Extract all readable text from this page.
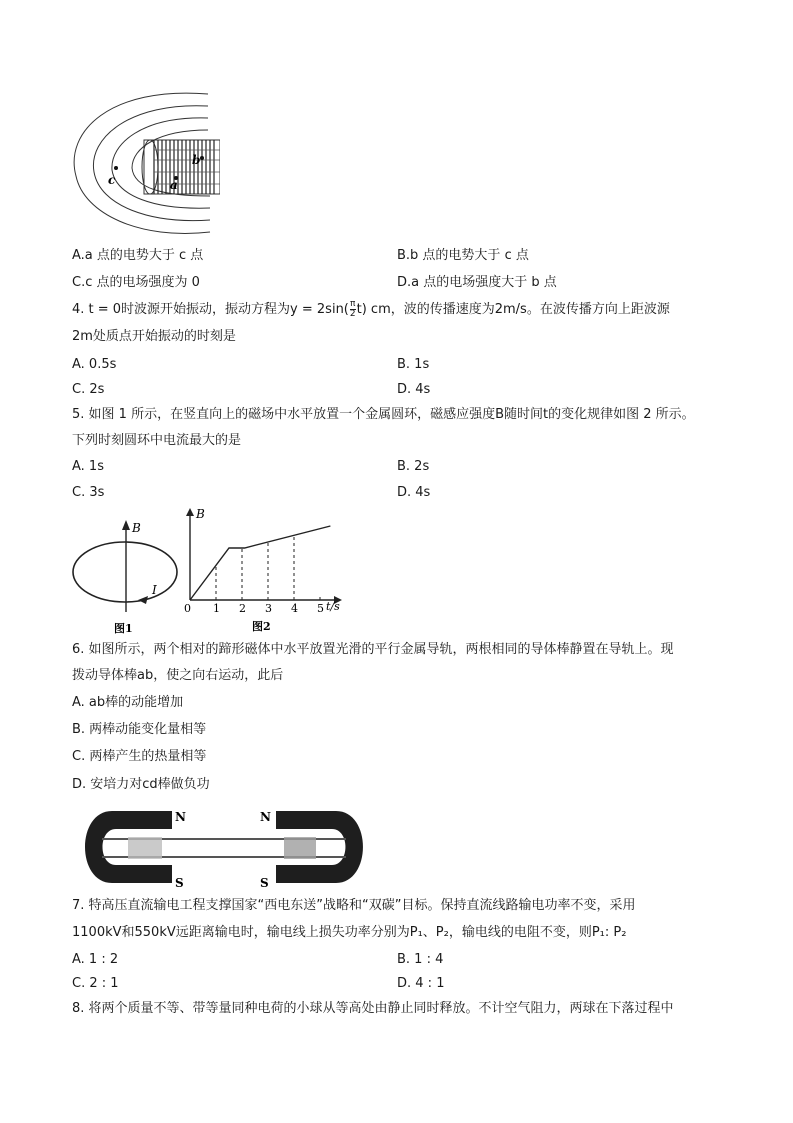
c	a
b
A.a 点的电势大于 c 点	B.b 点的电势大于 c 点
C.c 点的电场强度为 0	D.a 点的电场强度大于 b 点
4. t = 0时波源开始振动，振动方程为$y = 2\sin( \frac{\pi}{2} t)$ cm，波的传播速度为2m/s。在波传播方向上距波源
2m处质点开始振动的时刻是
A. 0.5s	B. 1s
C. 2s	D. 4s
5. 如图 1 所示，在竖直向上的磁场中水平放置一个金属圆环，磁感应强度B随时间t的变化规律如图 2 所示。
下列时刻圆环中电流最大的是
A. 1s	B. 2s
C. 3s	D. 4s
B
I
图1
1 2 3 4 5
B
t/s
0
图2
6. 如图所示，两个相对的蹄形磁体中水平放置光滑的平行金属导轨，两根相同的导体棒静置在导轨上。现
拨动导体棒ab，使之向右运动，此后
A. ab棒的动能增加
B. 两棒动能变化量相等
C. 两棒产生的热量相等
D. 安培力对cd棒做负功
N	N
S	S
7. 特高压直流输电工程支撑国家“西电东送”战略和“双碳”目标。保持直流线路输电功率不变，采用
1100kV和550kV远距离输电时，输电线上损失功率分别为P₁、P₂，输电线的电阻不变，则P₁: P₂
A. 1 : 2	B. 1 : 4
C. 2 : 1	D. 4 : 1
8. 将两个质量不等、带等量同种电荷的小球从等高处由静止同时释放。不计空气阻力，两球在下落过程中
